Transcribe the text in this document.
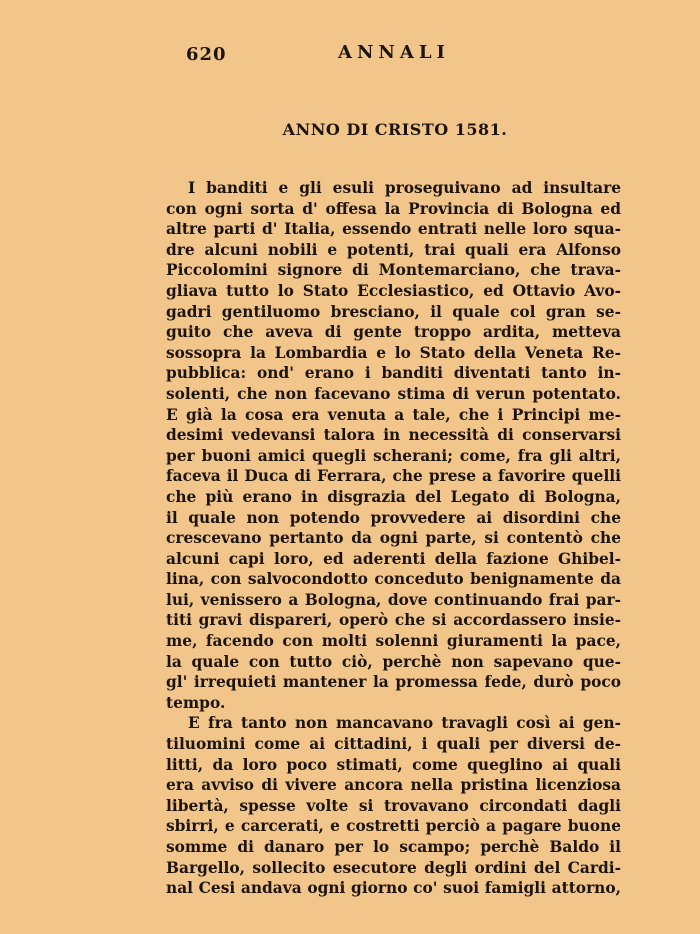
620	ANNALI
ANNO DI CRISTO 1581.
I banditi e gli esuli proseguivano ad insultare
con ogni sorta d' offesa la Provincia di Bologna ed
altre parti d' Italia, essendo entrati nelle loro squa-
dre alcuni nobili e potenti, trai quali era Alfonso
Piccolomini signore di Montemarciano, che trava-
gliava tutto lo Stato Ecclesiastico, ed Ottavio Avo-
gadri gentiluomo bresciano, il quale col gran se-
guito che aveva di gente troppo ardita, metteva
sossopra la Lombardia e lo Stato della Veneta Re-
pubblica: ond' erano i banditi diventati tanto in-
solenti, che non facevano stima di verun potentato.
E già la cosa era venuta a tale, che i Principi me-
desimi vedevansi talora in necessità di conservarsi
per buoni amici quegli scherani; come, fra gli altri,
faceva il Duca di Ferrara, che prese a favorire quelli
che più erano in disgrazia del Legato di Bologna,
il quale non potendo provvedere ai disordini che
crescevano pertanto da ogni parte, si contentò che
alcuni capi loro, ed aderenti della fazione Ghibel-
lina, con salvocondotto conceduto benignamente da
lui, venissero a Bologna, dove continuando frai par-
titi gravi dispareri, operò che si accordassero insie-
me, facendo con molti solenni giuramenti la pace,
la quale con tutto ciò, perchè non sapevano que-
gl' irrequieti mantener la promessa fede, durò poco
tempo.
E fra tanto non mancavano travagli così ai gen-
tiluomini come ai cittadini, i quali per diversi de-
litti, da loro poco stimati, come queglino ai quali
era avviso di vivere ancora nella pristina licenziosa
libertà, spesse volte si trovavano circondati dagli
sbirri, e carcerati, e costretti perciò a pagare buone
somme di danaro per lo scampo; perchè Baldo il
Bargello, sollecito esecutore degli ordini del Cardi-
nal Cesi andava ogni giorno co' suoi famigli attorno,
